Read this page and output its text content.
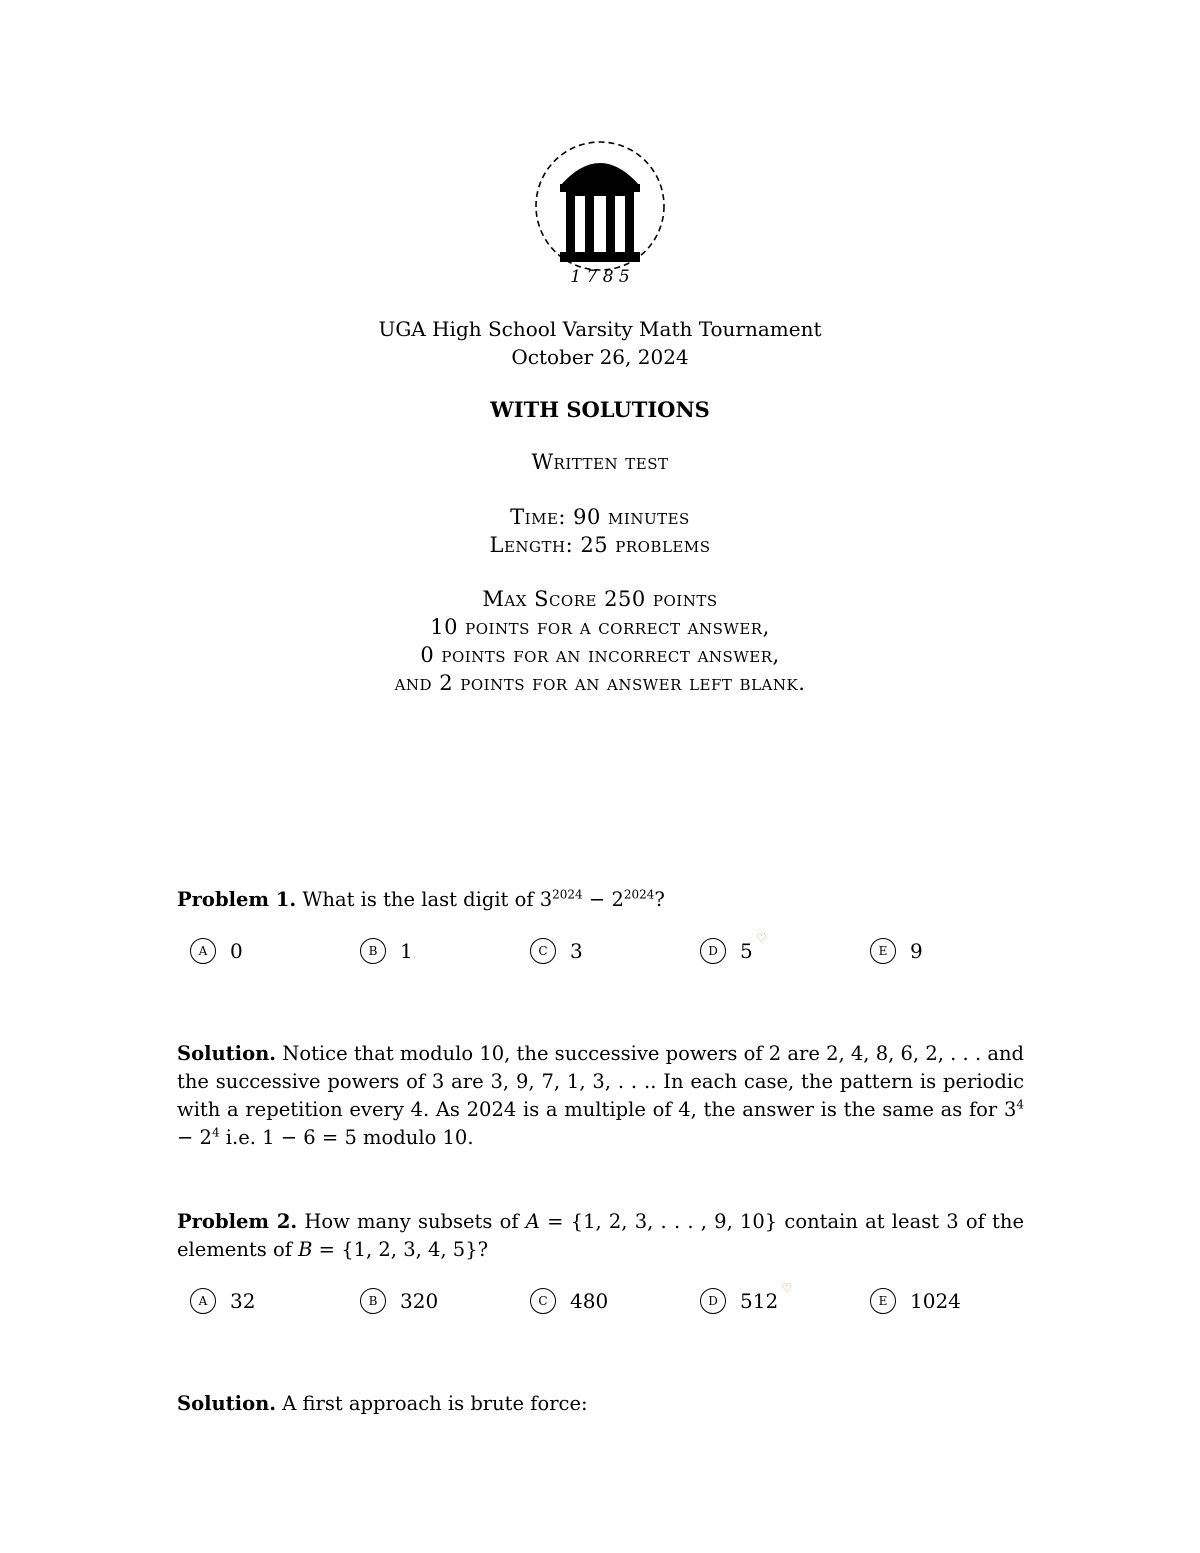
1 7 8 5
UGA High School Varsity Math Tournament
October 26, 2024
WITH SOLUTIONS
Written test
Time: 90 minutes
Length: 25 problems
Max Score 250 points
10 points for a correct answer,
0 points for an incorrect answer,
and 2 points for an answer left blank.
Problem 1. What is the last digit of $3^{2024} - 2^{2024}$?
A	0	B	1	C	3	D	5
♡
E	9
Solution. Notice that modulo 10, the successive powers of 2 are 2, 4, 8, 6, 2, . . . and the successive powers of 3 are 3, 9, 7, 1, 3, . . .. In each case, the pattern is periodic with a repetition every 4. As 2024 is a multiple of 4, the answer is the same as for $3^4 - 2^4$ i.e. 1 − 6 = 5 modulo 10.
Problem 2. How many subsets of A = {1, 2, 3, . . . , 9, 10} contain at least 3 of the elements of B = {1, 2, 3, 4, 5}?
A	32	B	320	C	480	D	512
♡
E	1024
Solution. A first approach is brute force:
